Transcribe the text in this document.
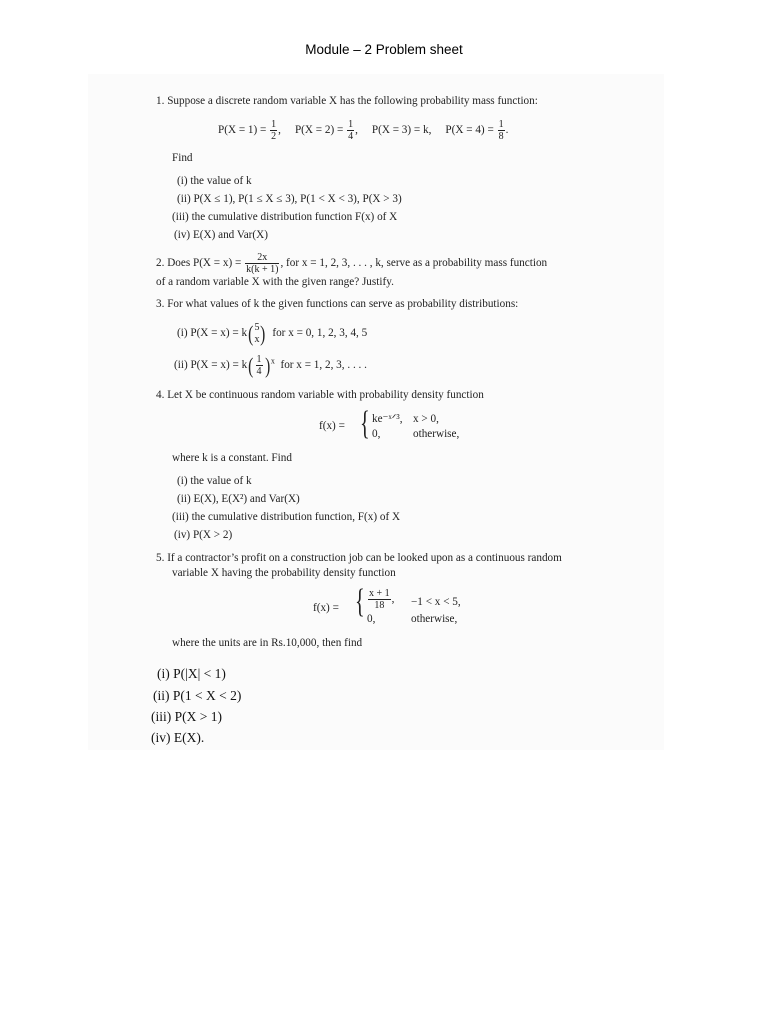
Module – 2 Problem sheet
1. Suppose a discrete random variable X has the following probability mass function:
$P(X = 1) = \frac{1}{2}$ ,     $P(X = 2) = \frac{1}{4}$ ,     P(X = 3) = k, $P(X = 4) = \frac{1}{8}$ .
Find
(i) the value of k
(ii) P(X ≤ 1), P(1 ≤ X ≤ 3), P(1 < X < 3), P(X > 3)
(iii) the cumulative distribution function F(x) of X
(iv) E(X) and Var(X)
2. Does $P(X = x) = \frac{2x}{k(k + 1)}$ , for x = 1, 2, 3, . . . , k, serve as a probability mass function
of a random variable X with the given range? Justify.
3. For what values of k the given functions can serve as probability distributions:
(i) P(X = x) = k( 5
x ) for x = 0, 1, 2, 3, 4, 5
(ii) $P(X = x) = k( \frac{1}{4} )^x$ for x = 1, 2, 3, . . . .
4. Let X be continuous random variable with probability density function
f(x) = { ke⁻ˣᐟ³, x > 0,
0,	otherwise,
where k is a constant. Find
(i) the value of k
(ii) E(X), E(X²) and Var(X)
(iii) the cumulative distribution function, F(x) of X
(iv) P(X > 2)
5. If a contractor’s profit on a construction job can be looked upon as a continuous random
variable X having the probability density function
f(x) = { $\frac{x + 1}{18}$ , −1 < x < 5,
0,	otherwise,
where the units are in Rs.10,000, then find
(i) P(|X| < 1)
(ii) P(1 < X < 2)
(iii) P(X > 1)
(iv) E(X).
